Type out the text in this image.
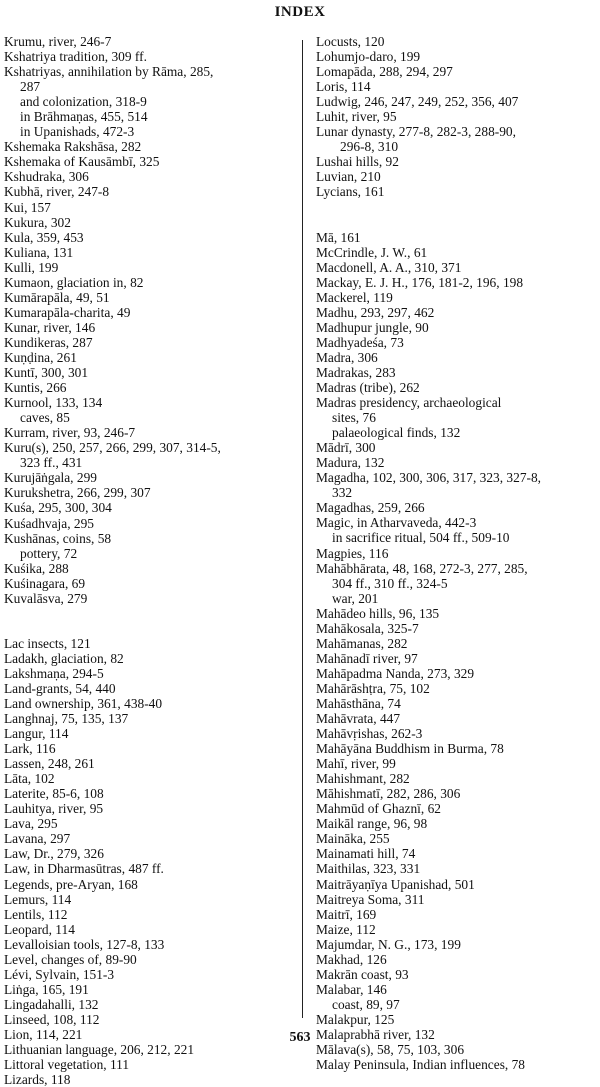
INDEX
Krumu, river, 246-7
Kshatriya tradition, 309 ff.
Kshatriyas, annihilation by Rāma, 285,
287
and colonization, 318-9
in Brāhmaṇas, 455, 514
in Upanishads, 472-3
Kshemaka Rakshāsa, 282
Kshemaka of Kausāmbī, 325
Kshudraka, 306
Kubhā, river, 247-8
Kui, 157
Kukura, 302
Kula, 359, 453
Kuliana, 131
Kulli, 199
Kumaon, glaciation in, 82
Kumārapāla, 49, 51
Kumarapāla-charita, 49
Kunar, river, 146
Kundikeras, 287
Kuṇḍina, 261
Kuntī, 300, 301
Kuntis, 266
Kurnool, 133, 134
caves, 85
Kurram, river, 93, 246-7
Kuru(s), 250, 257, 266, 299, 307, 314-5,
323 ff., 431
Kurujāṅgala, 299
Kurukshetra, 266, 299, 307
Kuśa, 295, 300, 304
Kuśadhvaja, 295
Kushānas, coins, 58
pottery, 72
Kuśika, 288
Kuśinagara, 69
Kuvalāsva, 279
Lac insects, 121
Ladakh, glaciation, 82
Lakshmaṇa, 294-5
Land-grants, 54, 440
Land ownership, 361, 438-40
Langhnaj, 75, 135, 137
Langur, 114
Lark, 116
Lassen, 248, 261
Lāta, 102
Laterite, 85-6, 108
Lauhitya, river, 95
Lava, 295
Lavana, 297
Law, Dr., 279, 326
Law, in Dharmasūtras, 487 ff.
Legends, pre-Aryan, 168
Lemurs, 114
Lentils, 112
Leopard, 114
Levalloisian tools, 127-8, 133
Level, changes of, 89-90
Lévi, Sylvain, 151-3
Liṅga, 165, 191
Lingadahalli, 132
Linseed, 108, 112
Lion, 114, 221
Lithuanian language, 206, 212, 221
Littoral vegetation, 111
Lizards, 118
Locusts, 120
Lohumjo-daro, 199
Lomapāda, 288, 294, 297
Loris, 114
Ludwig, 246, 247, 249, 252, 356, 407
Luhit, river, 95
Lunar dynasty, 277-8, 282-3, 288-90,
296-8, 310
Lushai hills, 92
Luvian, 210
Lycians, 161
Mā, 161
McCrindle, J. W., 61
Macdonell, A. A., 310, 371
Mackay, E. J. H., 176, 181-2, 196, 198
Mackerel, 119
Madhu, 293, 297, 462
Madhupur jungle, 90
Madhyadeśa, 73
Madra, 306
Madrakas, 283
Madras (tribe), 262
Madras presidency, archaeological
sites, 76
palaeological finds, 132
Mādrī, 300
Madura, 132
Magadha, 102, 300, 306, 317, 323, 327-8,
332
Magadhas, 259, 266
Magic, in Atharvaveda, 442-3
in sacrifice ritual, 504 ff., 509-10
Magpies, 116
Mahābhārata, 48, 168, 272-3, 277, 285,
304 ff., 310 ff., 324-5
war, 201
Mahādeo hills, 96, 135
Mahākosala, 325-7
Mahāmanas, 282
Mahānadī river, 97
Mahāpadma Nanda, 273, 329
Mahārāshṭra, 75, 102
Mahāsthāna, 74
Mahāvrata, 447
Mahāvṛishas, 262-3
Mahāyāna Buddhism in Burma, 78
Mahī, river, 99
Mahishmant, 282
Māhishmatī, 282, 286, 306
Mahmūd of Ghaznī, 62
Maikāl range, 96, 98
Maināka, 255
Mainamati hill, 74
Maithilas, 323, 331
Maitrāyaṇīya Upanishad, 501
Maitreya Soma, 311
Maitrī, 169
Maize, 112
Majumdar, N. G., 173, 199
Makhad, 126
Makrān coast, 93
Malabar, 146
coast, 89, 97
Malakpur, 125
Malaprabhā river, 132
Mālava(s), 58, 75, 103, 306
Malay Peninsula, Indian influences, 78
563
